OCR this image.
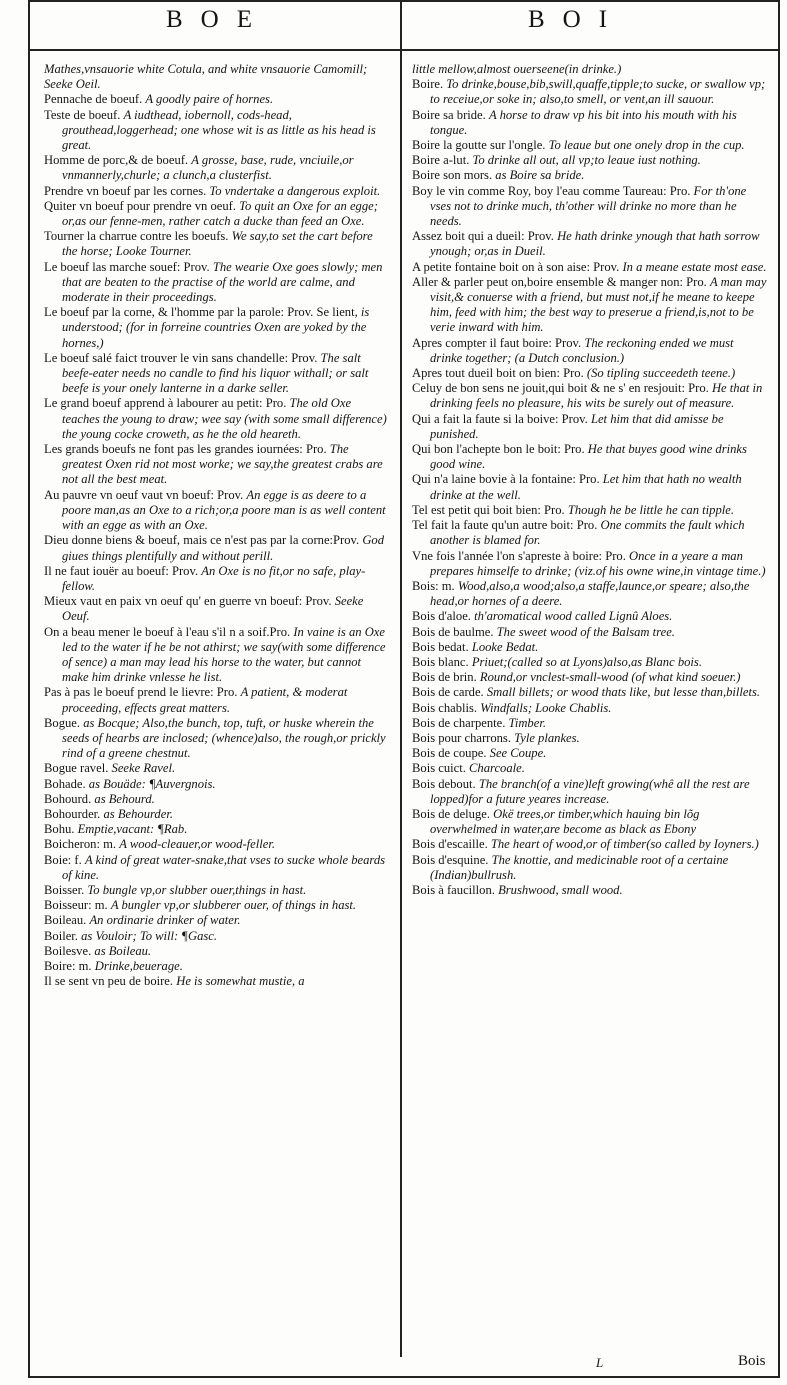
BOE	BOI

Mathes,vnsauorie white Cotula, and white vnsauorie Camomill; Seeke Oeil.

Pennache de boeuf. A goodly paire of hornes.

Teste de boeuf. A iudthead, iobernoll, cods-head, grouthead,loggerhead; one whose wit is as little as his head is great.

Homme de porc,& de boeuf. A grosse, base, rude, vnciuile,or vnmannerly,churle; a clunch,a clusterfist.

Prendre vn boeuf par les cornes. To vndertake a dangerous exploit.

Quiter vn boeuf pour prendre vn oeuf. To quit an Oxe for an egge; or,as our fenne-men, rather catch a ducke than feed an Oxe.

Tourner la charrue contre les boeufs. We say,to set the cart before the horse; Looke Tourner.

Le boeuf las marche souef: Prov. The wearie Oxe goes slowly; men that are beaten to the practise of the world are calme, and moderate in their proceedings.

Le boeuf par la corne, & l'homme par la parole: Prov. Se lient, is understood; (for in forreine countries Oxen are yoked by the hornes,)

Le boeuf salé faict trouver le vin sans chandelle: Prov. The salt beefe-eater needs no candle to find his liquor withall; or salt beefe is your onely lanterne in a darke seller.

Le grand boeuf apprend à labourer au petit: Pro. The old Oxe teaches the young to draw; wee say (with some small difference) the young cocke croweth, as he the old heareth.

Les grands boeufs ne font pas les grandes iournées: Pro. The greatest Oxen rid not most worke; we say,the greatest crabs are not all the best meat.

Au pauvre vn oeuf vaut vn boeuf: Prov. An egge is as deere to a poore man,as an Oxe to a rich;or,a poore man is as well content with an egge as with an Oxe.

Dieu donne biens & boeuf, mais ce n'est pas par la corne:Prov. God giues things plentifully and without perill.

Il ne faut iouër au boeuf: Prov. An Oxe is no fit,or no safe, play-fellow.

Mieux vaut en paix vn oeuf qu' en guerre vn boeuf: Prov. Seeke Oeuf.

On a beau mener le boeuf à l'eau s'il n a soif.Pro. In vaine is an Oxe led to the water if he be not athirst; we say(with some difference of sence) a man may lead his horse to the water, but cannot make him drinke vnlesse he list.

Pas à pas le boeuf prend le lievre: Pro. A patient, & moderat proceeding, effects great matters.

Bogue. as Bocque; Also,the bunch, top, tuft, or huske wherein the seeds of hearbs are inclosed; (whence)also, the rough,or prickly rind of a greene chestnut.

Bogue ravel. Seeke Ravel.

Bohade. as Bouäde: ¶Auvergnois.

Bohourd. as Behourd.

Bohourder. as Behourder.

Bohu. Emptie,vacant: ¶Rab.

Boicheron: m. A wood-cleauer,or wood-feller.

Boie: f. A kind of great water-snake,that vses to sucke whole beards of kine.

Boisser. To bungle vp,or slubber ouer,things in hast.

Boisseur: m. A bungler vp,or slubberer ouer, of things in hast.

Boileau. An ordinarie drinker of water.

Boiler. as Vouloir; To will: ¶Gasc.

Boilesve. as Boileau.

Boire: m. Drinke,beuerage.

Il se sent vn peu de boire. He is somewhat mustie, a

little mellow,almost ouerseene(in drinke.)

Boire. To drinke,bouse,bib,swill,quaffe,tipple;to sucke, or swallow vp; to receiue,or soke in; also,to smell, or vent,an ill sauour.

Boire sa bride. A horse to draw vp his bit into his mouth with his tongue.

Boire la goutte sur l'ongle. To leaue but one onely drop in the cup.

Boire a-lut. To drinke all out, all vp;to leaue iust nothing.

Boire son mors. as Boire sa bride.

Boy le vin comme Roy, boy l'eau comme Taureau: Pro. For th'one vses not to drinke much, th'other will drinke no more than he needs.

Assez boit qui a dueil: Prov. He hath drinke ynough that hath sorrow ynough; or,as in Dueil.

A petite fontaine boit on à son aise: Prov. In a meane estate most ease.

Aller & parler peut on,boire ensemble & manger non: Pro. A man may visit,& conuerse with a friend, but must not,if he meane to keepe him, feed with him; the best way to preserue a friend,is,not to be verie inward with him.

Apres compter il faut boire: Prov. The reckoning ended we must drinke together; (a Dutch conclusion.)

Apres tout dueil boit on bien: Pro. (So tipling succeedeth teene.)

Celuy de bon sens ne jouit,qui boit & ne s' en resjouit: Pro. He that in drinking feels no pleasure, his wits be surely out of measure.

Qui a fait la faute si la boive: Prov. Let him that did amisse be punished.

Qui bon l'achepte bon le boit: Pro. He that buyes good wine drinks good wine.

Qui n'a laine bovie à la fontaine: Pro. Let him that hath no wealth drinke at the well.

Tel est petit qui boit bien: Pro. Though he be little he can tipple.

Tel fait la faute qu'un autre boit: Pro. One commits the fault which another is blamed for.

Vne fois l'année l'on s'apreste à boire: Pro. Once in a yeare a man prepares himselfe to drinke; (viz.of his owne wine,in vintage time.)

Bois: m. Wood,also,a wood;also,a staffe,launce,or speare; also,the head,or hornes of a deere.

Bois d'aloe. th'aromatical wood called Lignû Aloes.

Bois de baulme. The sweet wood of the Balsam tree.

Bois bedat. Looke Bedat.

Bois blanc. Priuet;(called so at Lyons)also,as Blanc bois.

Bois de brin. Round,or vnclest-small-wood (of what kind soeuer.)

Bois de carde. Small billets; or wood thats like, but lesse than,billets.

Bois chablis. Windfalls; Looke Chablis.

Bois de charpente. Timber.

Bois pour charrons. Tyle plankes.

Bois de coupe. See Coupe.

Bois cuict. Charcoale.

Bois debout. The branch(of a vine)left growing(whê all the rest are lopped)for a future yeares increase.

Bois de deluge. Okë trees,or timber,which hauing bin lõg overwhelmed in water,are become as black as Ebony

Bois d'escaille. The heart of wood,or of timber(so called by Ioyners.)

Bois d'esquine. The knottie, and medicinable root of a certaine (Indian)bullrush.

Bois à faucillon. Brushwood, small wood.

L	Bois
